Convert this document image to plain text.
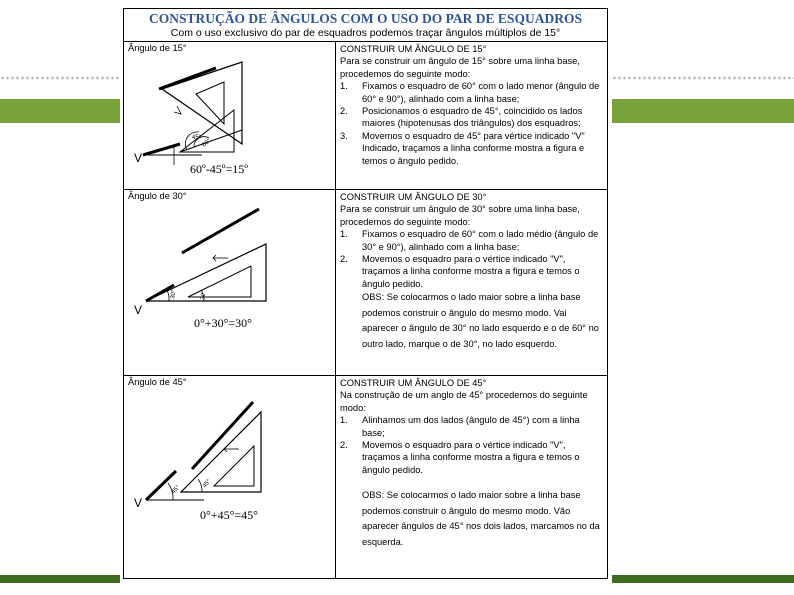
CONSTRUÇÃO DE ÂNGULOS COM O USO DO PAR DE ESQUADROS
Com o uso exclusivo do par de esquadros podemos traçar ângulos múltiplos de 15°
Ângulo de 15°
V
45°
60°
60º-45º=15º

CONSTRUIR UM ÂNGULO DE 15°

Para se construir um ângulo de 15° sobre uma linha base, procedemos do seguinte modo:

1. Fixamos o esquadro de 60° com o lado menor (ângulo de 60° e 90°), alinhado com a linha base;
2. Posicionamos o esquadro de 45°, coincidido os lados maiores (hipotenusas dos triângulos) dos esquadros;
3. Movemos o esquadro de 45° para vértice indicado "V" Indicado, traçamos a linha conforme mostra a figura e temos o ângulo pedido.
Ângulo de 30°
V
30°	30°
0°+30°=30°

CONSTRUIR UM ÂNGULO DE 30°

Para se construir um ângulo de 30° sobre uma linha base, procedemos do seguinte modo:

1. Fixamos o esquadro de 60° com o lado médio (ângulo de 30° e 90°), alinhado com a linha base;
2. Movemos o esquadro para o vértice indicado "V", traçamos a linha conforme mostra a figura e temos o ângulo pedido.

OBS: Se colocarmos o lado maior sobre a linha base podemos construir o ângulo do mesmo modo. Vai aparecer o ângulo de 30° no lado esquerdo e o de 60° no outro lado, marque o de 30°, no lado esquerdo.

Ângulo de 45°
V
45°
45°
0°+45°=45°

CONSTRUIR UM ÂNGULO DE 45°

Na construção de um anglo de 45° procedemos do seguinte modo:

1. Alinhamos um dos lados (ângulo de 45°) com a linha base;
2. Movemos o esquadro para o vértice indicado "V", traçamos a linha conforme mostra a figura e temos o ângulo pedido.

OBS: Se colocarmos o lado maior sobre a linha base podemos construir o ângulo do mesmo modo. Vão aparecer ângulos de 45° nos dois lados, marcamos no da esquerda.
